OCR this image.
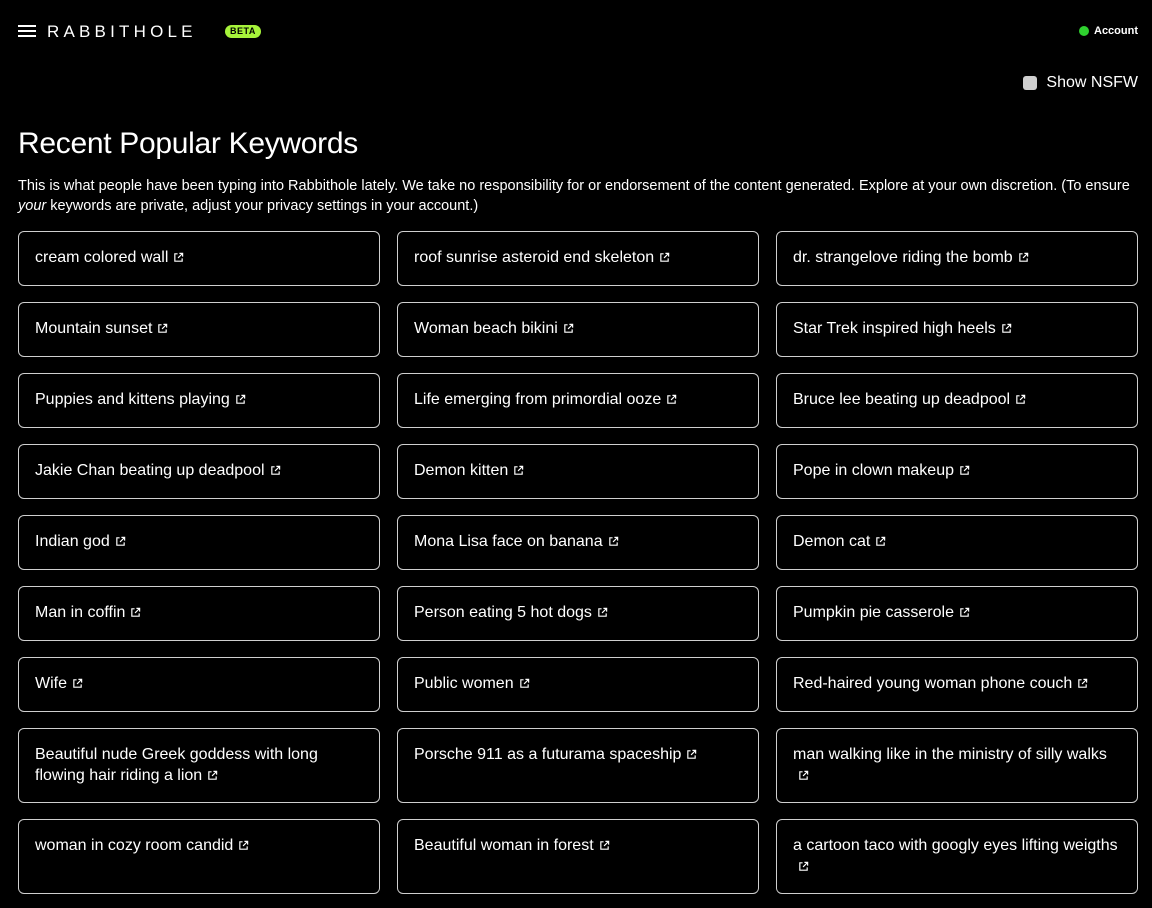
RABBITHOLE	BETA	Account
Show NSFW
Recent Popular Keywords

This is what people have been typing into Rabbithole lately. We take no responsibility for or endorsement of the content generated. Explore at your own discretion. (To ensure your keywords are private, adjust your privacy settings in your account.)

cream colored wall	roof sunrise asteroid end skeleton	dr. strangelove riding the bomb
Mountain sunset	Woman beach bikini	Star Trek inspired high heels
Puppies and kittens playing	Life emerging from primordial ooze	Bruce lee beating up deadpool
Jakie Chan beating up deadpool	Demon kitten	Pope in clown makeup
Indian god	Mona Lisa face on banana	Demon cat
Man in coffin	Person eating 5 hot dogs	Pumpkin pie casserole
Wife	Public women	Red-haired young woman phone couch
Beautiful nude Greek goddess with long flowing hair riding a lion
Porsche 911 as a futurama spaceship	man walking like in the ministry of silly walks
woman in cozy room candid	Beautiful woman in forest	a cartoon taco with googly eyes lifting weigths
